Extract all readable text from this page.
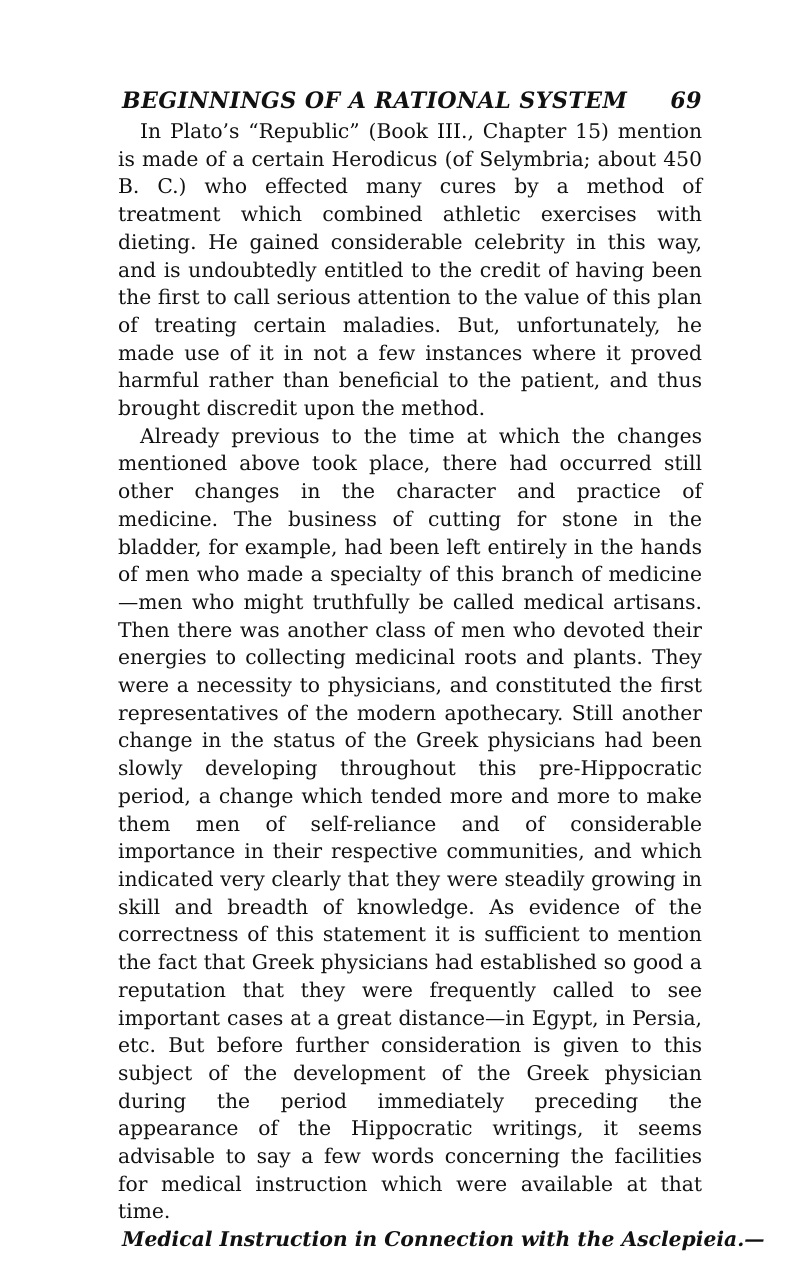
BEGINNINGS OF A RATIONAL SYSTEM 69

In Plato’s “Republic” (Book III., Chapter 15) mention is made of a certain Herodicus (of Selymbria; about 450 B. C.) who effected many cures by a method of treatment which combined athletic exercises with dieting. He gained considerable celebrity in this way, and is undoubtedly entitled to the credit of having been the first to call serious attention to the value of this plan of treating certain maladies. But, unfortunately, he made use of it in not a few instances where it proved harmful rather than beneficial to the patient, and thus brought discredit upon the method.

Already previous to the time at which the changes mentioned above took place, there had occurred still other changes in the character and practice of medicine. The business of cutting for stone in the bladder, for example, had been left entirely in the hands of men who made a specialty of this branch of medicine—men who might truthfully be called medical artisans. Then there was another class of men who devoted their energies to collecting medicinal roots and plants. They were a necessity to physicians, and constituted the first representatives of the modern apothecary. Still another change in the status of the Greek physicians had been slowly developing throughout this pre-Hippocratic period, a change which tended more and more to make them men of self-reliance and of considerable importance in their respective communities, and which indicated very clearly that they were steadily growing in skill and breadth of knowledge. As evidence of the correctness of this statement it is sufficient to mention the fact that Greek physicians had established so good a reputation that they were frequently called to see important cases at a great distance—in Egypt, in Persia, etc. But before further consideration is given to this subject of the development of the Greek physician during the period immediately preceding the appearance of the Hippocratic writings, it seems advisable to say a few words concerning the facilities for medical instruction which were available at that time.

Medical Instruction in Connection with the Asclepieia.—
